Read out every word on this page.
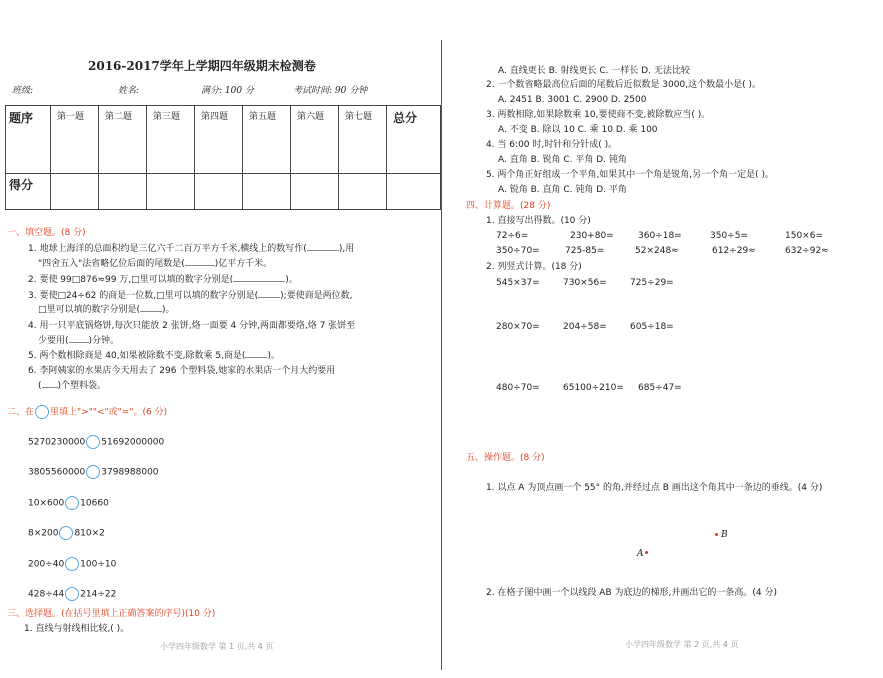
2016-2017学年上学期四年级期末检测卷
班级:	姓名:	满分: 100 分	考试时间: 90 分钟
题序	第一题	第二题	第三题	第四题	第五题	第六题	第七题	总分
得分								
一、填空题。(8 分)
1. 地球上海洋的总面积约是三亿六千二百万平方千米,横线上的数写作(	),用
"四舍五入"法省略亿位后面的尾数是(	)亿平方千米。
2. 要使 99□876≈99 万,□里可以填的数字分别是(	)。
3. 要使□24÷62 的商是一位数,□里可以填的数字分别是( );要使商是两位数,
□里可以填的数字分别是( )。
4. 用一只平底锅烙饼,每次只能放 2 张饼,烙一面要 4 分钟,两面都要烙,烙 7 张饼至
少要用( )分钟。
5. 两个数相除商是 40,如果被除数不变,除数乘 5,商是( )。
6. 李阿姨家的水果店今天用去了 296 个塑料袋,她家的水果店一个月大约要用
( )个塑料袋。
二、在 里填上">""<"或"="。(6 分)
5270230000 51692000000
3805560000 3798988000
10×600 10660
8×200 810×2
200÷40 100÷10
428÷44 214÷22
三、选择题。(在括号里填上正确答案的序号)(10 分)
1. 直线与射线相比较,( )。
小学四年级数学 第 1 页,共 4 页
A. 直线更长 B. 射线更长 C. 一样长 D. 无法比较
2. 一个数省略最高位后面的尾数后近似数是 3000,这个数最小是( )。
A. 2451 B. 3001 C. 2900 D. 2500
3. 两数相除,如果除数乘 10,要使商不变,被除数应当( )。
A. 不变 B. 除以 10 C. 乘 10 D. 乘 100
4. 当 6:00 时,时针和分针成( )。
A. 直角 B. 锐角 C. 平角 D. 钝角
5. 两个角正好组成一个平角,如果其中一个角是锐角,另一个角一定是( )。
A. 锐角 B. 直角 C. 钝角 D. 平角
四、计算题。(28 分)
1. 直接写出得数。(10 分)
72÷6=	230+80=	360÷18=	350÷5=	150×6=
350÷70=	725-85=	52×248≈	612÷29≈	632÷92≈
2. 列竖式计算。(18 分)
545×37=	730×56=	725÷29=
280×70=	204÷58=	605÷18=
480÷70=	65100÷210= 685÷47=
五、操作题。(8 分)
1. 以点 A 为顶点画一个 55° 的角,并经过点 B 画出这个角其中一条边的垂线。(4 分)
B
A
2. 在格子图中画一个以线段 AB 为底边的梯形,并画出它的一条高。(4 分)
小学四年级数学 第 2 页,共 4 页
